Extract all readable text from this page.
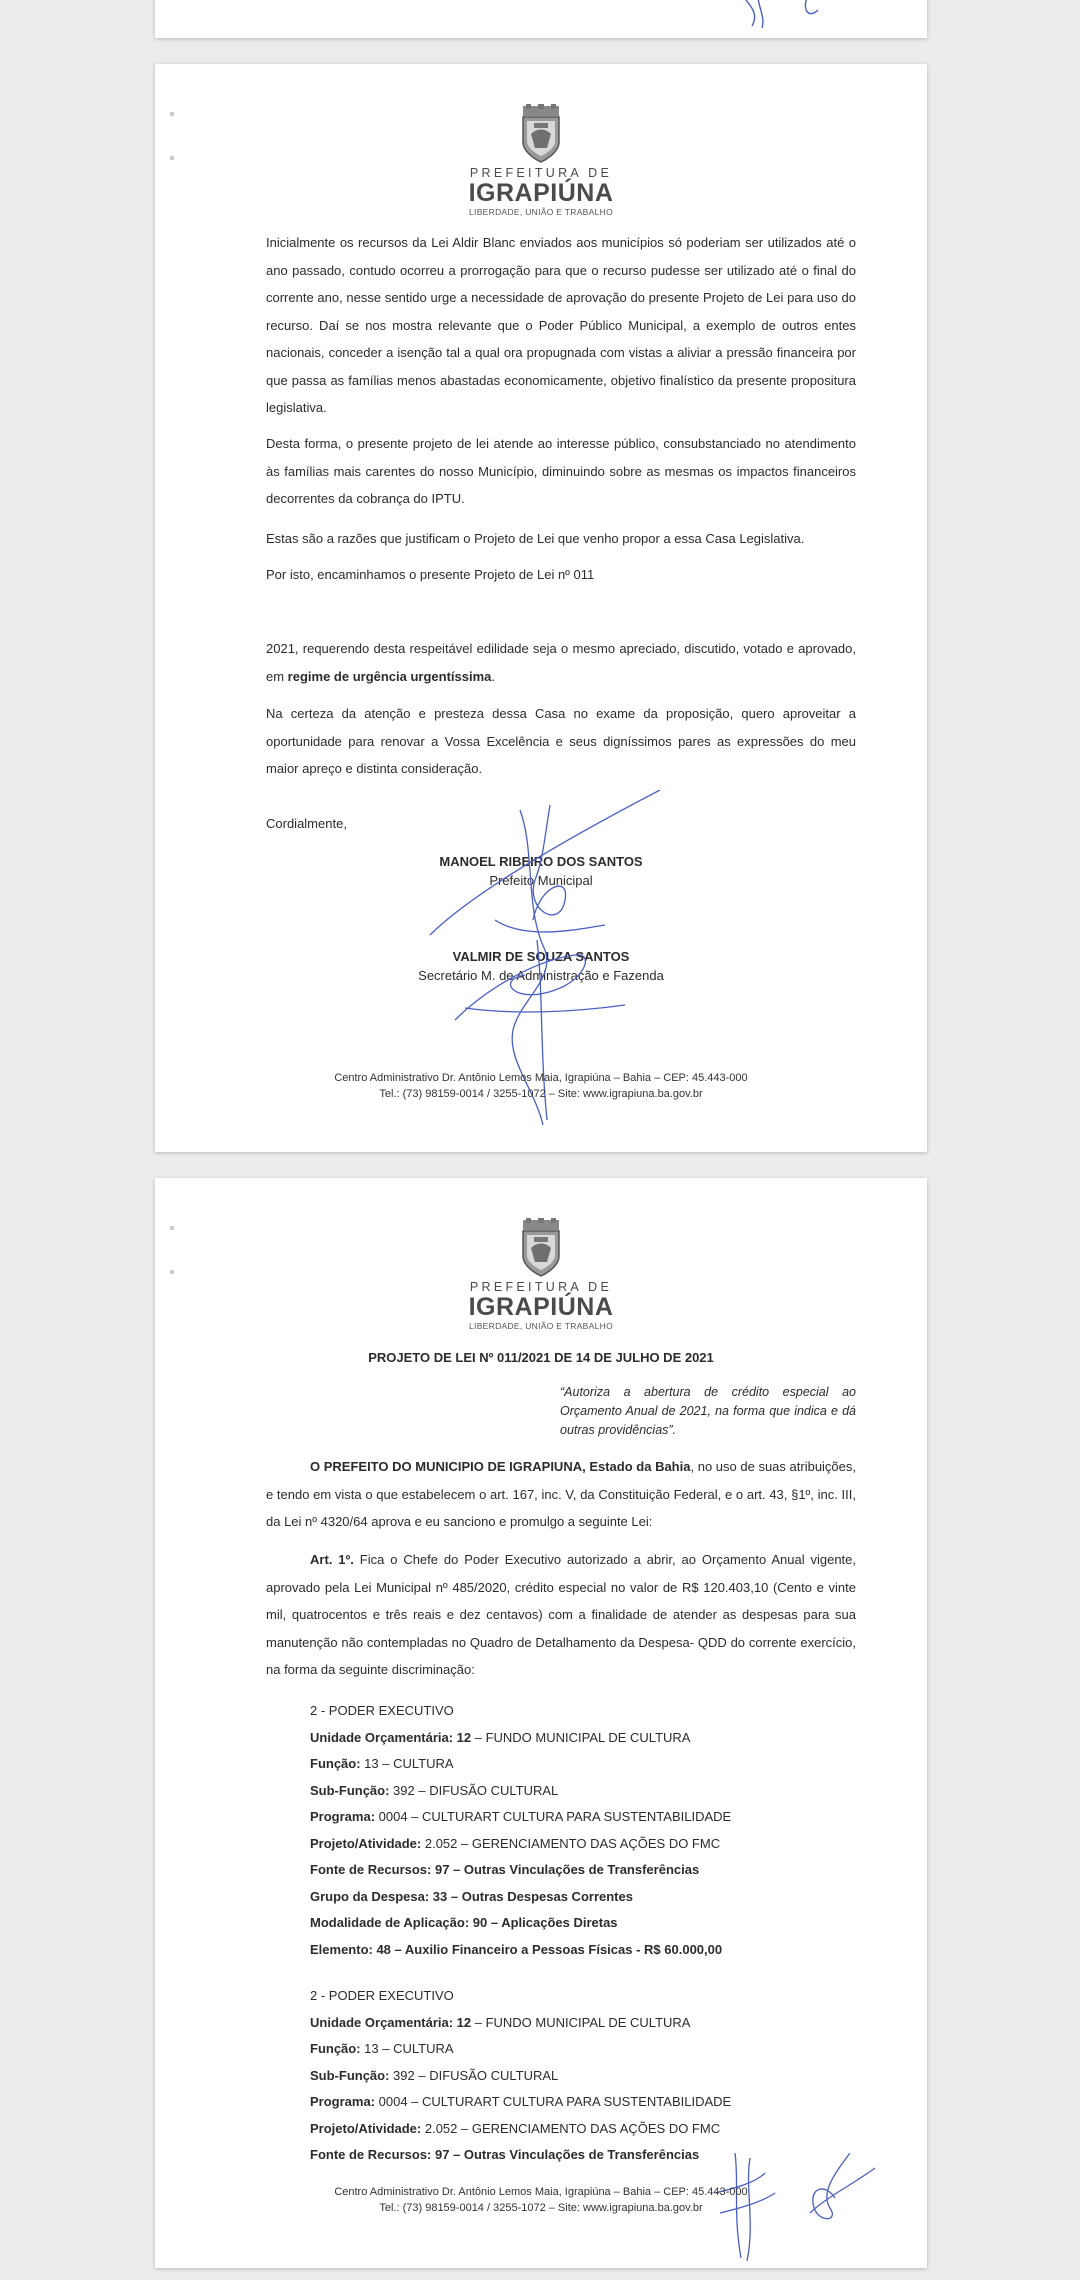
PREFEITURA DE
IGRAPIÚNA
LIBERDADE, UNIÃO E TRABALHO

Inicialmente os recursos da Lei Aldir Blanc enviados aos municípios só poderiam ser utilizados até o ano passado, contudo ocorreu a prorrogação para que o recurso pudesse ser utilizado até o final do corrente ano, nesse sentido urge a necessidade de aprovação do presente Projeto de Lei para uso do recurso. Daí se nos mostra relevante que o Poder Público Municipal, a exemplo de outros entes nacionais, conceder a isenção tal a qual ora propugnada com vistas a aliviar a pressão financeira por que passa as famílias menos abastadas economicamente, objetivo finalístico da presente propositura legislativa.

Desta forma, o presente projeto de lei atende ao interesse público, consubstanciado no atendimento às famílias mais carentes do nosso Município, diminuindo sobre as mesmas os impactos financeiros decorrentes da cobrança do IPTU.

Estas são a razões que justificam o Projeto de Lei que venho propor a essa Casa Legislativa.
Por isto, encaminhamos o presente Projeto de Lei nº 011

2021, requerendo desta respeitável edilidade seja o mesmo apreciado, discutido, votado e aprovado, em regime de urgência urgentíssima.

Na certeza da atenção e presteza dessa Casa no exame da proposição, quero aproveitar a oportunidade para renovar a Vossa Excelência e seus digníssimos pares as expressões do meu maior apreço e distinta consideração.

Cordialmente,
MANOEL RIBEIRO DOS SANTOS
Prefeito Municipal
VALMIR DE SOUZA SANTOS
Secretário M. de Administração e Fazenda
Centro Administrativo Dr. Antônio Lemos Maia, Igrapiúna – Bahia – CEP: 45.443-000
Tel.: (73) 98159-0014 / 3255-1072 – Site: www.igrapiuna.ba.gov.br
PREFEITURA DE
IGRAPIÚNA
LIBERDADE, UNIÃO E TRABALHO
PROJETO DE LEI Nº 011/2021 DE 14 DE JULHO DE 2021

“Autoriza a abertura de crédito especial ao Orçamento Anual de 2021, na forma que indica e dá outras providências”.

O PREFEITO DO MUNICIPIO DE IGRAPIUNA, Estado da Bahia, no uso de suas atribuições, e tendo em vista o que estabelecem o art. 167, inc. V, da Constituição Federal, e o art. 43, §1º, inc. III, da Lei nº 4320/64 aprova e eu sanciono e promulgo a seguinte Lei:

Art. 1º. Fica o Chefe do Poder Executivo autorizado a abrir, ao Orçamento Anual vigente, aprovado pela Lei Municipal nº 485/2020, crédito especial no valor de R$ 120.403,10 (Cento e vinte mil, quatrocentos e três reais e dez centavos) com a finalidade de atender as despesas para sua manutenção não contempladas no Quadro de Detalhamento da Despesa- QDD do corrente exercício, na forma da seguinte discriminação:

2 - PODER EXECUTIVO
Unidade Orçamentária: 12 – FUNDO MUNICIPAL DE CULTURA
Função: 13 – CULTURA
Sub-Função: 392 – DIFUSÃO CULTURAL
Programa: 0004 – CULTURART CULTURA PARA SUSTENTABILIDADE
Projeto/Atividade: 2.052 – GERENCIAMENTO DAS AÇÕES DO FMC
Fonte de Recursos: 97 – Outras Vinculações de Transferências
Grupo da Despesa: 33 – Outras Despesas Correntes
Modalidade de Aplicação: 90 – Aplicações Diretas
Elemento: 48 – Auxilio Financeiro a Pessoas Físicas - R$ 60.000,00
2 - PODER EXECUTIVO
Unidade Orçamentária: 12 – FUNDO MUNICIPAL DE CULTURA
Função: 13 – CULTURA
Sub-Função: 392 – DIFUSÃO CULTURAL
Programa: 0004 – CULTURART CULTURA PARA SUSTENTABILIDADE
Projeto/Atividade: 2.052 – GERENCIAMENTO DAS AÇÕES DO FMC
Fonte de Recursos: 97 – Outras Vinculações de Transferências
Centro Administrativo Dr. Antônio Lemos Maia, Igrapiúna – Bahia – CEP: 45.443-000
Tel.: (73) 98159-0014 / 3255-1072 – Site: www.igrapiuna.ba.gov.br
